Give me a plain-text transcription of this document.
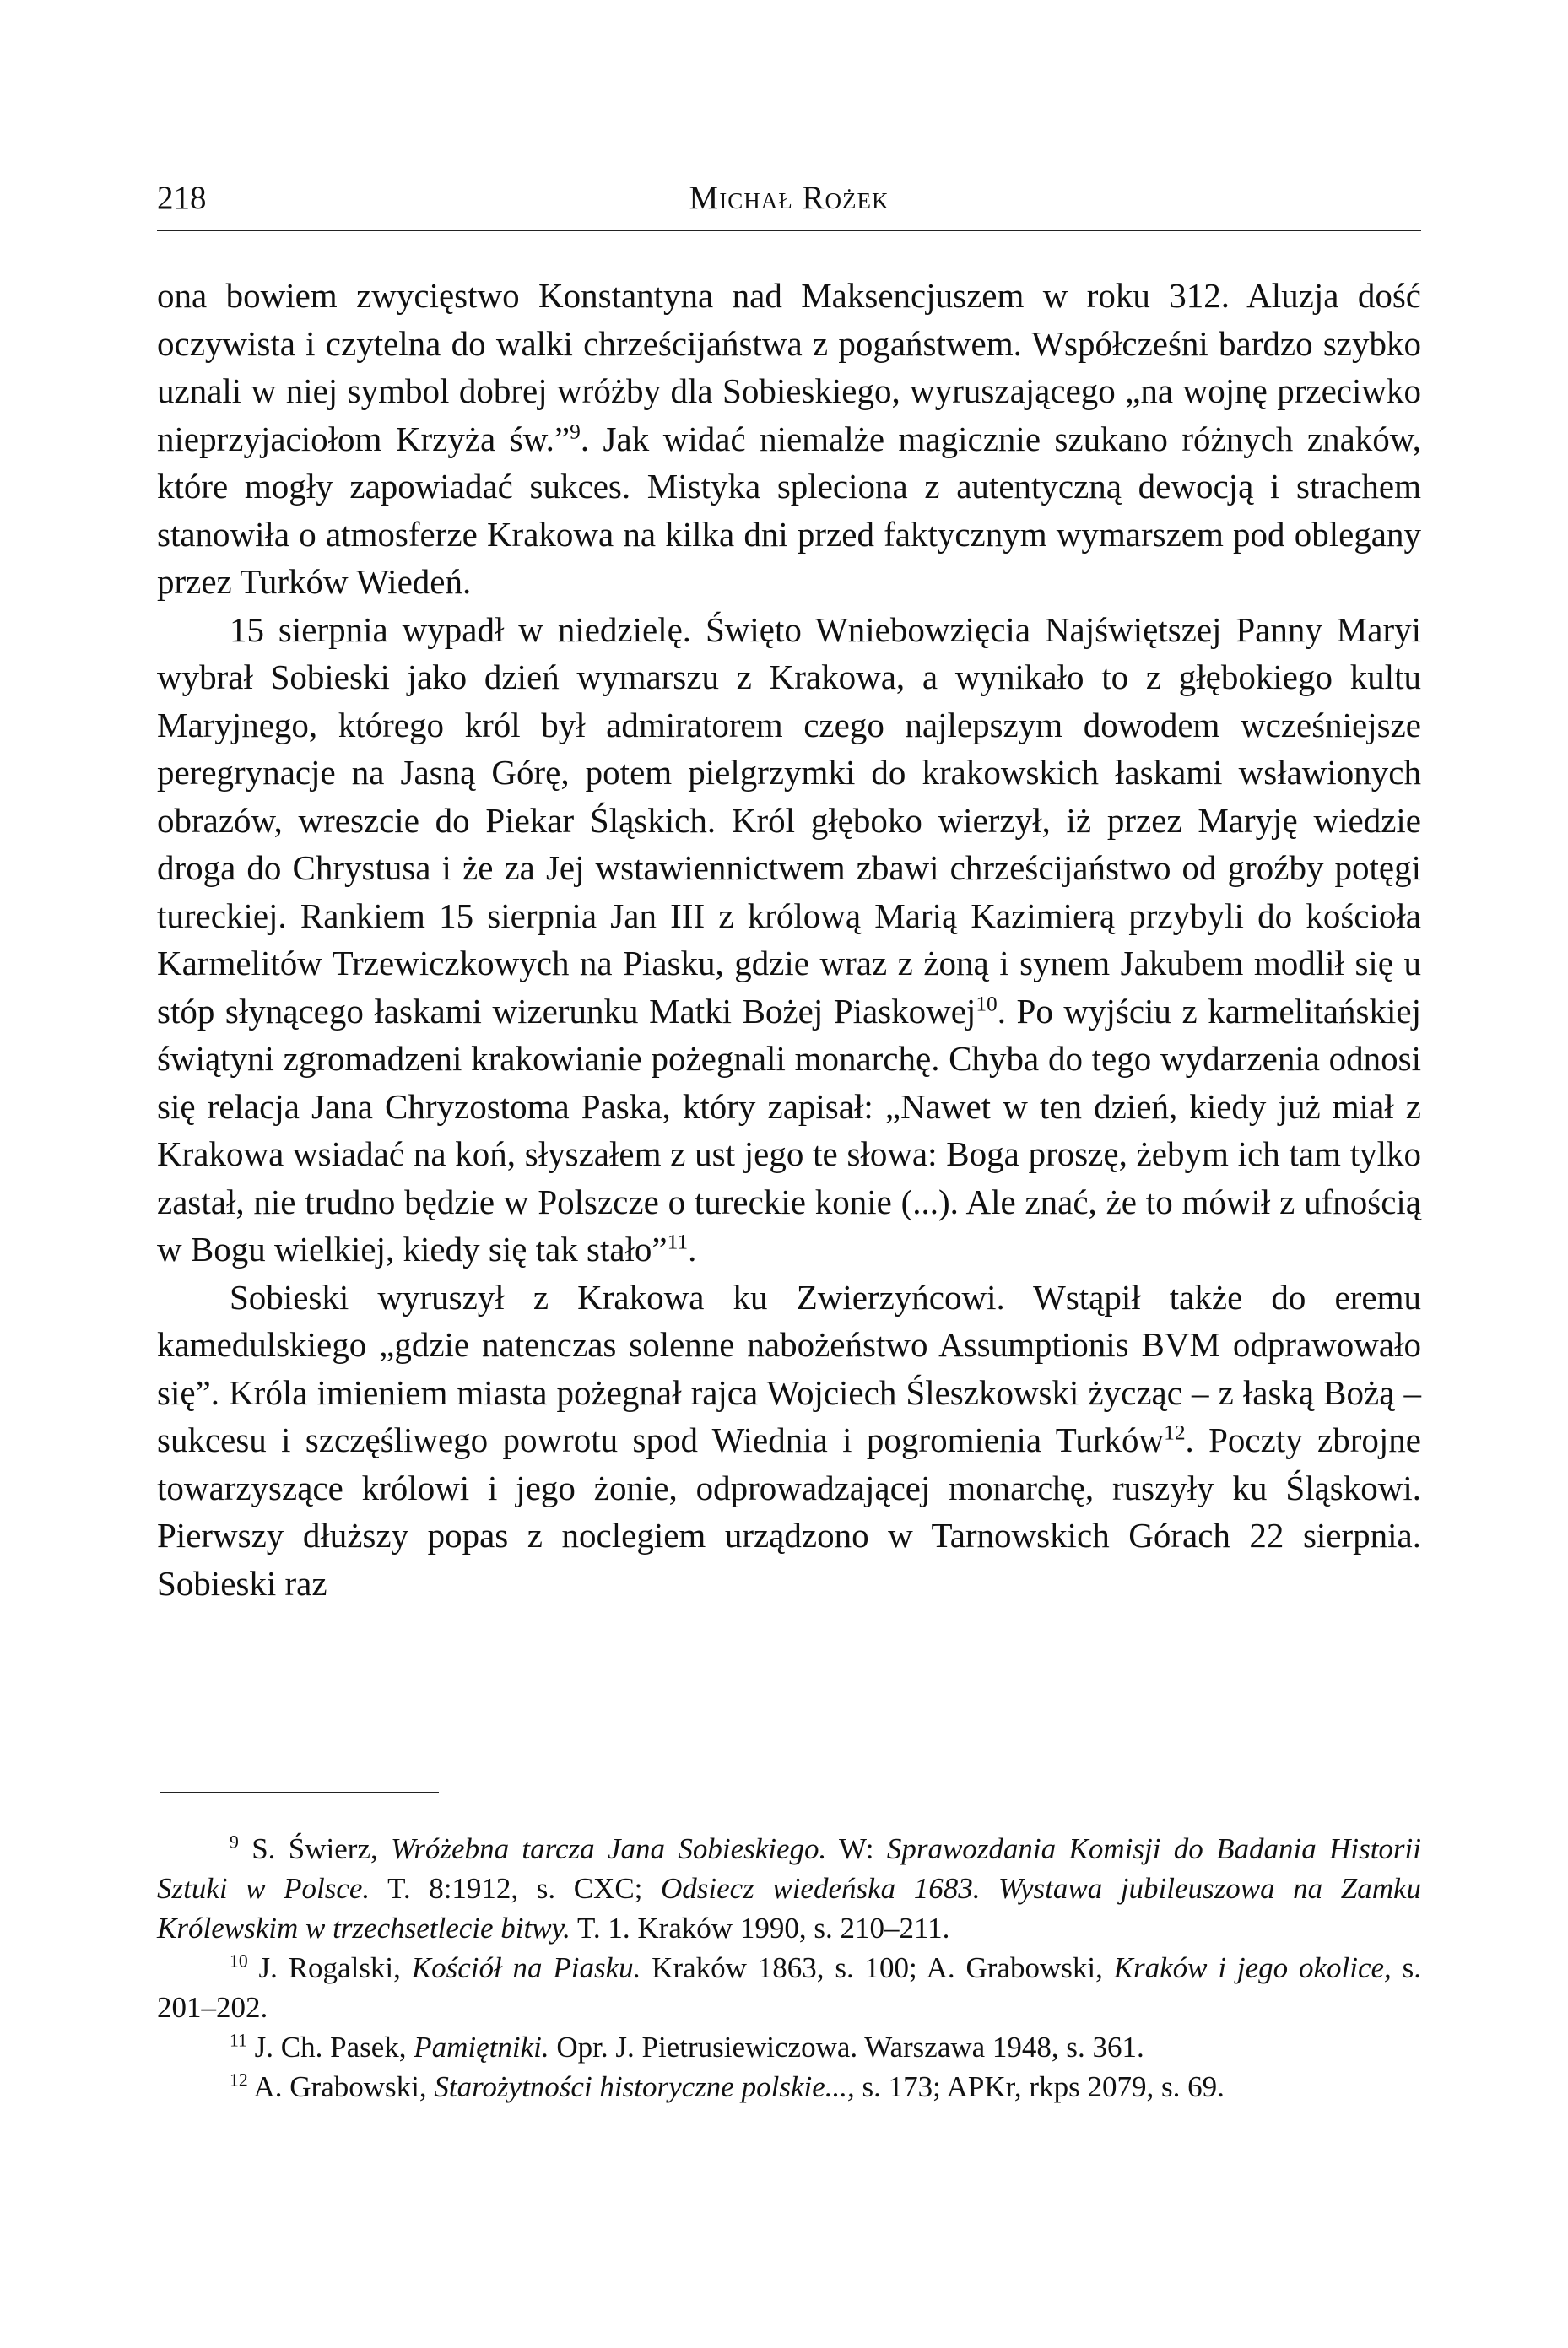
218	Michał Rożek

ona bowiem zwycięstwo Konstantyna nad Maksencjuszem w roku 312. Aluzja dość oczywista i czytelna do walki chrześcijaństwa z pogaństwem. Współcześni bardzo szybko uznali w niej symbol dobrej wróżby dla Sobieskiego, wyruszającego „na wojnę przeciwko nieprzyjaciołom Krzyża św.”$^9$. Jak widać niemalże magicznie szukano różnych znaków, które mogły zapowiadać sukces. Mistyka spleciona z autentyczną dewocją i strachem stanowiła o atmosferze Krakowa na kilka dni przed faktycznym wymarszem pod oblegany przez Turków Wiedeń.

15 sierpnia wypadł w niedzielę. Święto Wniebowzięcia Najświętszej Panny Maryi wybrał Sobieski jako dzień wymarszu z Krakowa, a wynikało to z głębokiego kultu Maryjnego, którego król był admiratorem czego najlepszym dowodem wcześniejsze peregrynacje na Jasną Górę, potem pielgrzymki do krakowskich łaskami wsławionych obrazów, wreszcie do Piekar Śląskich. Król głęboko wierzył, iż przez Maryję wiedzie droga do Chrystusa i że za Jej wstawiennictwem zbawi chrześcijaństwo od groźby potęgi tureckiej. Rankiem 15 sierpnia Jan III z królową Marią Kazimierą przybyli do kościoła Karmelitów Trzewiczkowych na Piasku, gdzie wraz z żoną i synem Jakubem modlił się u stóp słynącego łaskami wizerunku Matki Bożej Piaskowej$^{10}$. Po wyjściu z karmelitańskiej świątyni zgromadzeni krakowianie pożegnali monarchę. Chyba do tego wydarzenia odnosi się relacja Jana Chryzostoma Paska, który zapisał: „Nawet w ten dzień, kiedy już miał z Krakowa wsiadać na koń, słyszałem z ust jego te słowa: Boga proszę, żebym ich tam tylko zastał, nie trudno będzie w Polszcze o tureckie konie (...). Ale znać, że to mówił z ufnością w Bogu wielkiej, kiedy się tak stało”$^{11}$.

Sobieski wyruszył z Krakowa ku Zwierzyńcowi. Wstąpił także do eremu kamedulskiego „gdzie natenczas solenne nabożeństwo Assumptionis BVM odprawowało się”. Króla imieniem miasta pożegnał rajca Wojciech Śleszkowski życząc – z łaską Bożą – sukcesu i szczęśliwego powrotu spod Wiednia i pogromienia Turków$^{12}$. Poczty zbrojne towarzyszące królowi i jego żonie, odprowadzającej monarchę, ruszyły ku Śląskowi. Pierwszy dłuższy popas z noclegiem urządzono w Tarnowskich Górach 22 sierpnia. Sobieski raz

$^9$ S. Świerz, Wróżebna tarcza Jana Sobieskiego. W: Sprawozdania Komisji do Badania Historii Sztuki w Polsce. T. 8:1912, s. CXC; Odsiecz wiedeńska 1683. Wystawa jubileuszowa na Zamku Królewskim w trzechsetlecie bitwy. T. 1. Kraków 1990, s. 210–211.

$^{10}$ J. Rogalski, Kościół na Piasku. Kraków 1863, s. 100; A. Grabowski, Kraków i jego okolice, s. 201–202.

$^{11}$ J. Ch. Pasek, Pamiętniki. Opr. J. Pietrusiewiczowa. Warszawa 1948, s. 361.

$^{12}$ A. Grabowski, Starożytności historyczne polskie..., s. 173; APKr, rkps 2079, s. 69.
